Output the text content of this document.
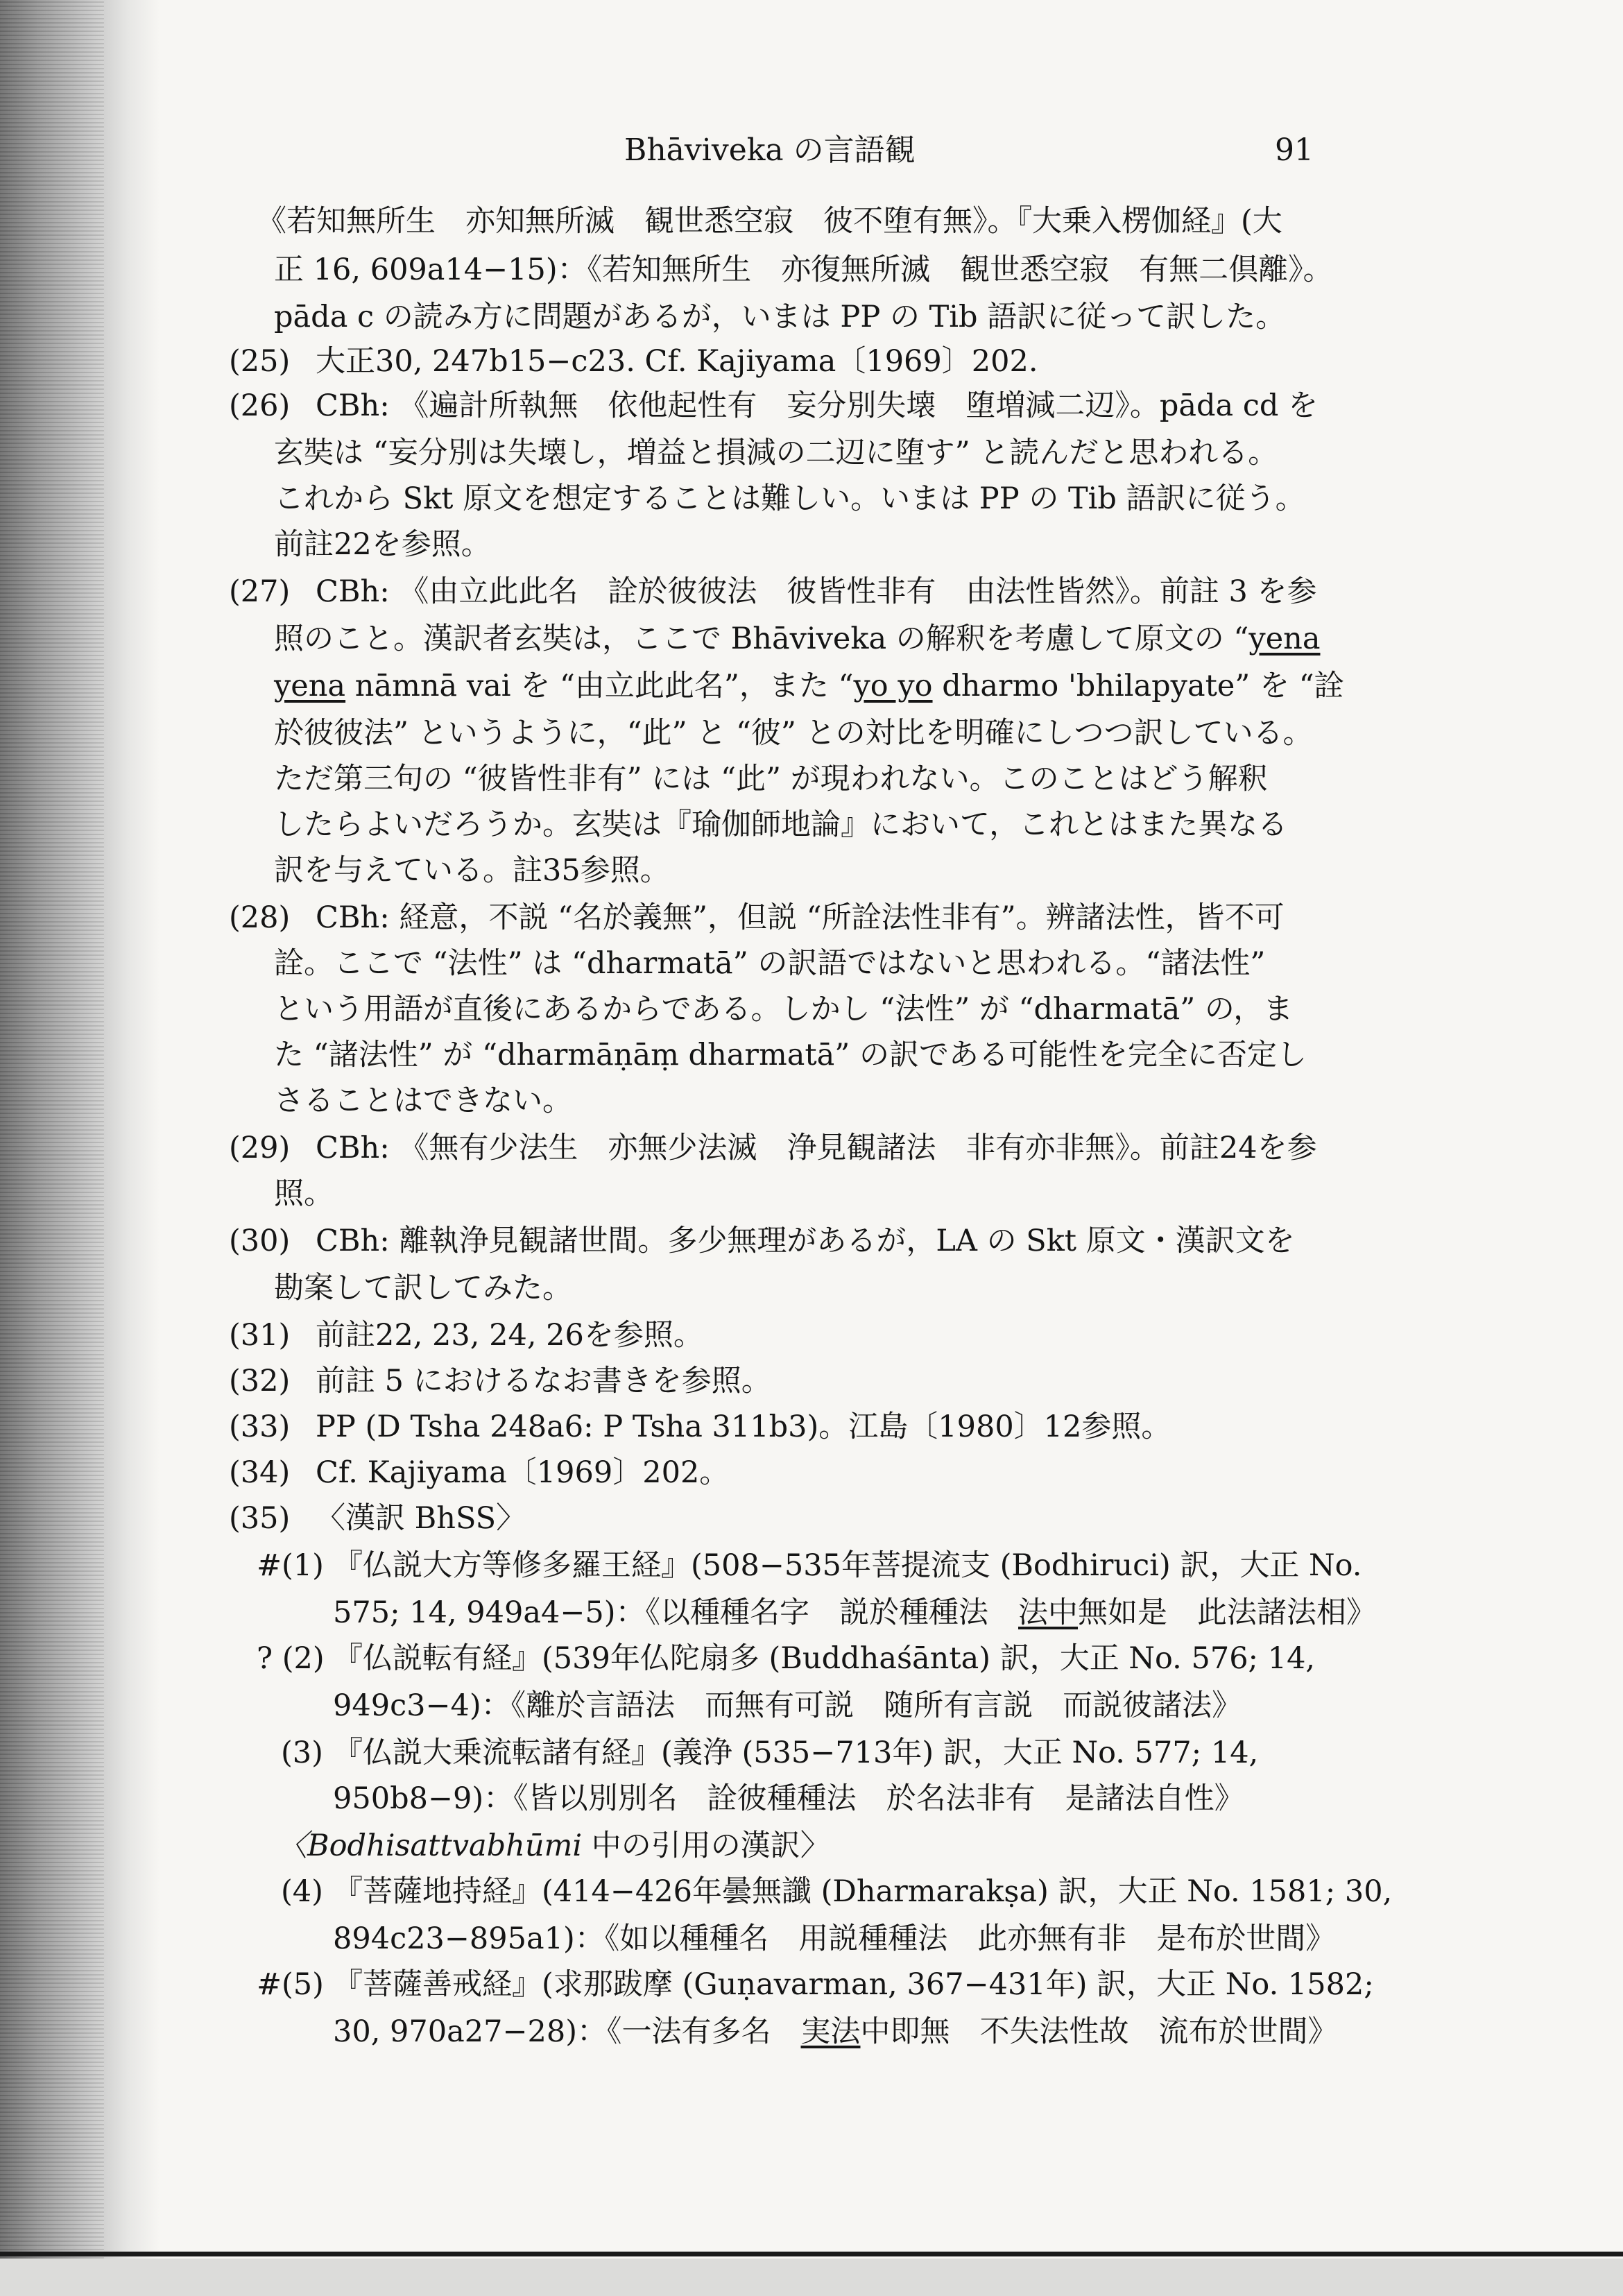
Bhāviveka の言語観	91
《若知無所生　亦知無所滅　観世悉空寂　彼不堕有無》。『大乗入楞伽経』(大
正 16, 609a14−15)：《若知無所生　亦復無所滅　観世悉空寂　有無二倶離》。
pāda c の読み方に問題があるが，いまは PP の Tib 語訳に従って訳した。
(25) 大正30, 247b15−c23. Cf. Kajiyama〔1969〕202.
(26) CBh: 《遍計所執無　依他起性有　妄分別失壊　堕増減二辺》。pāda cd を
玄奘は “妄分別は失壊し，増益と損減の二辺に堕す” と読んだと思われる。
これから Skt 原文を想定することは難しい。いまは PP の Tib 語訳に従う。
前註22を参照。
(27) CBh: 《由立此此名　詮於彼彼法　彼皆性非有　由法性皆然》。前註 3 を参
照のこと。漢訳者玄奘は，ここで Bhāviveka の解釈を考慮して原文の “yena
yena nāmnā vai を “由立此此名”，また “yo yo dharmo 'bhilapyate” を “詮
於彼彼法” というように，“此” と “彼” との対比を明確にしつつ訳している。
ただ第三句の “彼皆性非有” には “此” が現われない。このことはどう解釈
したらよいだろうか。玄奘は『瑜伽師地論』において，これとはまた異なる
訳を与えている。註35参照。
(28) CBh: 経意，不説 “名於義無”，但説 “所詮法性非有”。辨諸法性，皆不可
詮。ここで “法性” は “dharmatā” の訳語ではないと思われる。“諸法性”
という用語が直後にあるからである。しかし “法性” が “dharmatā” の，ま
た “諸法性” が “dharmāṇāṃ dharmatā” の訳である可能性を完全に否定し
さることはできない。
(29) CBh: 《無有少法生　亦無少法滅　浄見観諸法　非有亦非無》。前註24を参
照。
(30) CBh: 離執浄見観諸世間。多少無理があるが，LA の Skt 原文・漢訳文を
勘案して訳してみた。
(31) 前註22, 23, 24, 26を参照。
(32) 前註 5 におけるなお書きを参照。
(33) PP (D Tsha 248a6: P Tsha 311b3)。江島〔1980〕12参照。
(34) Cf. Kajiyama〔1969〕202。
(35) 〈漢訳 BhSS〉
#(1) 『仏説大方等修多羅王経』(508−535年菩提流支 (Bodhiruci) 訳，大正 No.
575; 14, 949a4−5)：《以種種名字　説於種種法　法中無如是　此法諸法相》
? (2) 『仏説転有経』(539年仏陀扇多 (Buddhaśānta) 訳，大正 No. 576; 14,
949c3−4)：《離於言語法　而無有可説　随所有言説　而説彼諸法》
(3) 『仏説大乗流転諸有経』(義浄 (535−713年) 訳，大正 No. 577; 14,
950b8−9)：《皆以別別名　詮彼種種法　於名法非有　是諸法自性》
〈Bodhisattvabhūmi 中の引用の漢訳〉
(4) 『菩薩地持経』(414−426年曇無讖 (Dharmarakṣa) 訳，大正 No. 1581; 30,
894c23−895a1)：《如以種種名　用説種種法　此亦無有非　是布於世間》
#(5) 『菩薩善戒経』(求那跋摩 (Guṇavarman, 367−431年) 訳，大正 No. 1582;
30, 970a27−28)：《一法有多名　実法中即無　不失法性故　流布於世間》
